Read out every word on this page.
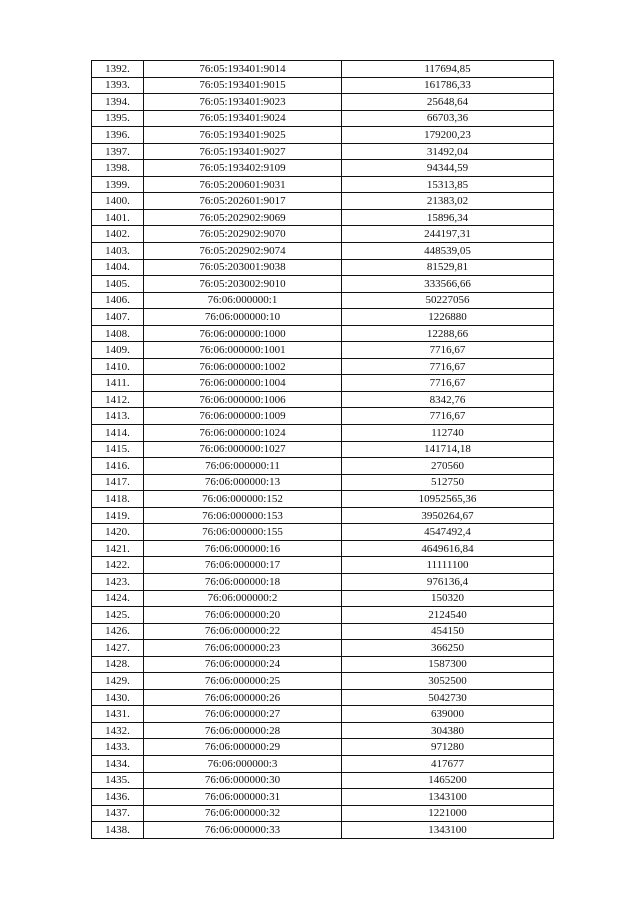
1392.	76:05:193401:9014	117694,85
1393.	76:05:193401:9015	161786,33
1394.	76:05:193401:9023	25648,64
1395.	76:05:193401:9024	66703,36
1396.	76:05:193401:9025	179200,23
1397.	76:05:193401:9027	31492,04
1398.	76:05:193402:9109	94344,59
1399.	76:05:200601:9031	15313,85
1400.	76:05:202601:9017	21383,02
1401.	76:05:202902:9069	15896,34
1402.	76:05:202902:9070	244197,31
1403.	76:05:202902:9074	448539,05
1404.	76:05:203001:9038	81529,81
1405.	76:05:203002:9010	333566,66
1406.	76:06:000000:1	50227056
1407.	76:06:000000:10	1226880
1408.	76:06:000000:1000	12288,66
1409.	76:06:000000:1001	7716,67
1410.	76:06:000000:1002	7716,67
1411.	76:06:000000:1004	7716,67
1412.	76:06:000000:1006	8342,76
1413.	76:06:000000:1009	7716,67
1414.	76:06:000000:1024	112740
1415.	76:06:000000:1027	141714,18
1416.	76:06:000000:11	270560
1417.	76:06:000000:13	512750
1418.	76:06:000000:152	10952565,36
1419.	76:06:000000:153	3950264,67
1420.	76:06:000000:155	4547492,4
1421.	76:06:000000:16	4649616,84
1422.	76:06:000000:17	11111100
1423.	76:06:000000:18	976136,4
1424.	76:06:000000:2	150320
1425.	76:06:000000:20	2124540
1426.	76:06:000000:22	454150
1427.	76:06:000000:23	366250
1428.	76:06:000000:24	1587300
1429.	76:06:000000:25	3052500
1430.	76:06:000000:26	5042730
1431.	76:06:000000:27	639000
1432.	76:06:000000:28	304380
1433.	76:06:000000:29	971280
1434.	76:06:000000:3	417677
1435.	76:06:000000:30	1465200
1436.	76:06:000000:31	1343100
1437.	76:06:000000:32	1221000
1438.	76:06:000000:33	1343100
